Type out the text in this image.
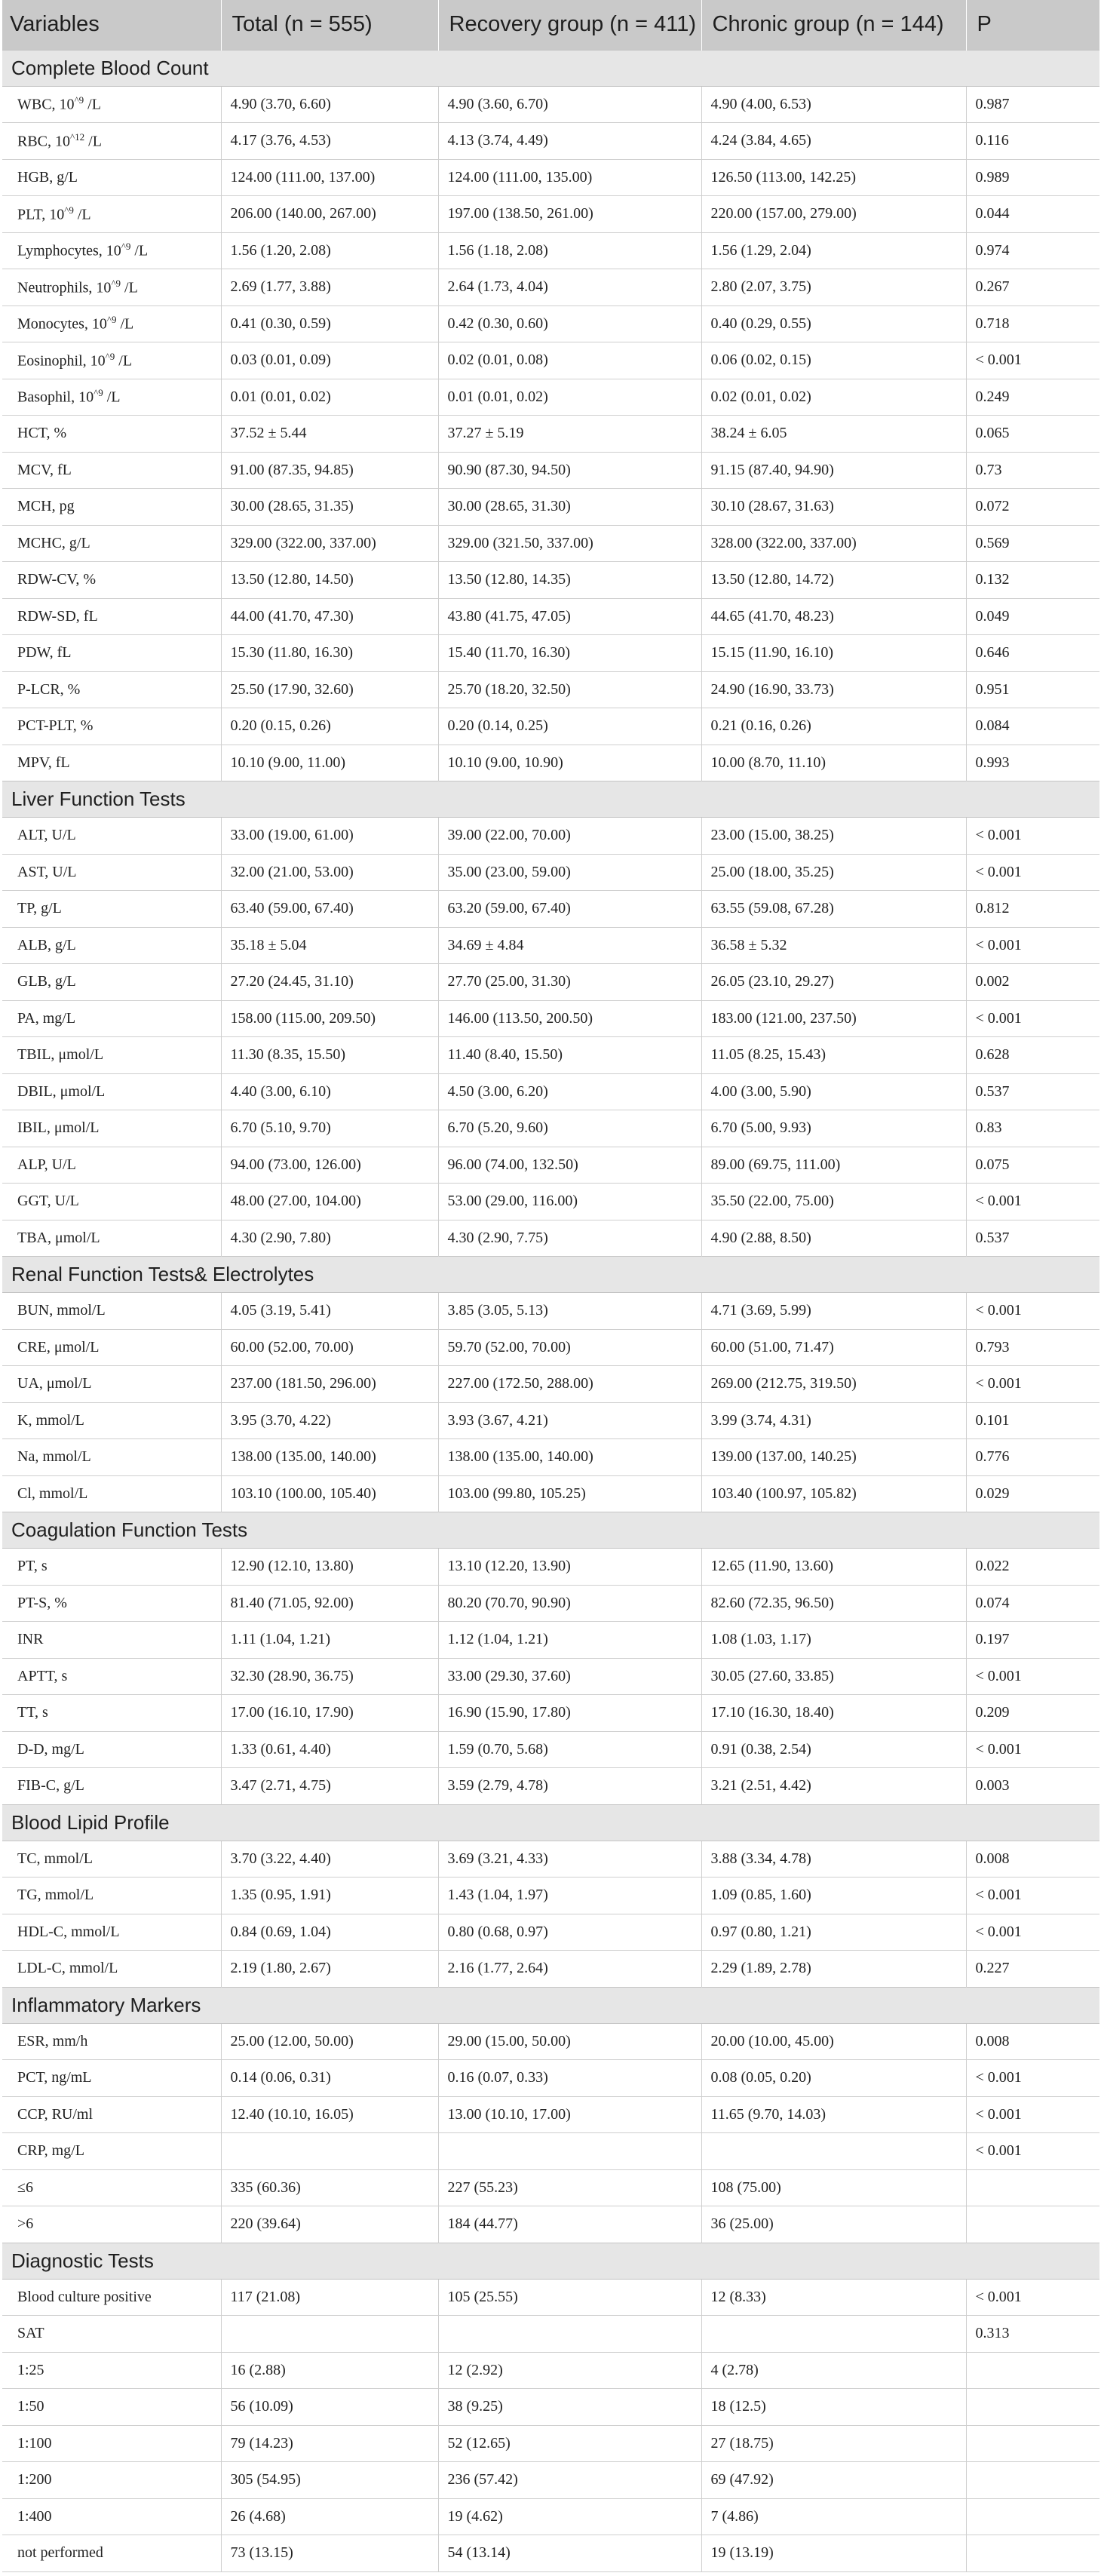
Variables	Total (n = 555)	Recovery group (n = 411)	Chronic group (n = 144)	P
Complete Blood Count				
WBC, $10^{\^{}9}$ /L	4.90 (3.70, 6.60)	4.90 (3.60, 6.70)	4.90 (4.00, 6.53)	0.987
RBC, $10^{\^{}12}$ /L	4.17 (3.76, 4.53)	4.13 (3.74, 4.49)	4.24 (3.84, 4.65)	0.116
HGB, g/L	124.00 (111.00, 137.00)	124.00 (111.00, 135.00)	126.50 (113.00, 142.25)	0.989
PLT, $10^{\^{}9}$ /L	206.00 (140.00, 267.00)	197.00 (138.50, 261.00)	220.00 (157.00, 279.00)	0.044
Lymphocytes, $10^{\^{}9}$ /L	1.56 (1.20, 2.08)	1.56 (1.18, 2.08)	1.56 (1.29, 2.04)	0.974
Neutrophils, $10^{\^{}9}$ /L	2.69 (1.77, 3.88)	2.64 (1.73, 4.04)	2.80 (2.07, 3.75)	0.267
Monocytes, $10^{\^{}9}$ /L	0.41 (0.30, 0.59)	0.42 (0.30, 0.60)	0.40 (0.29, 0.55)	0.718
Eosinophil, $10^{\^{}9}$ /L	0.03 (0.01, 0.09)	0.02 (0.01, 0.08)	0.06 (0.02, 0.15)	< 0.001
Basophil, $10^{\^{}9}$ /L	0.01 (0.01, 0.02)	0.01 (0.01, 0.02)	0.02 (0.01, 0.02)	0.249
HCT, %	37.52 ± 5.44	37.27 ± 5.19	38.24 ± 6.05	0.065
MCV, fL	91.00 (87.35, 94.85)	90.90 (87.30, 94.50)	91.15 (87.40, 94.90)	0.73
MCH, pg	30.00 (28.65, 31.35)	30.00 (28.65, 31.30)	30.10 (28.67, 31.63)	0.072
MCHC, g/L	329.00 (322.00, 337.00)	329.00 (321.50, 337.00)	328.00 (322.00, 337.00)	0.569
RDW-CV, %	13.50 (12.80, 14.50)	13.50 (12.80, 14.35)	13.50 (12.80, 14.72)	0.132
RDW-SD, fL	44.00 (41.70, 47.30)	43.80 (41.75, 47.05)	44.65 (41.70, 48.23)	0.049
PDW, fL	15.30 (11.80, 16.30)	15.40 (11.70, 16.30)	15.15 (11.90, 16.10)	0.646
P-LCR, %	25.50 (17.90, 32.60)	25.70 (18.20, 32.50)	24.90 (16.90, 33.73)	0.951
PCT-PLT, %	0.20 (0.15, 0.26)	0.20 (0.14, 0.25)	0.21 (0.16, 0.26)	0.084
MPV, fL	10.10 (9.00, 11.00)	10.10 (9.00, 10.90)	10.00 (8.70, 11.10)	0.993
Liver Function Tests				
ALT, U/L	33.00 (19.00, 61.00)	39.00 (22.00, 70.00)	23.00 (15.00, 38.25)	< 0.001
AST, U/L	32.00 (21.00, 53.00)	35.00 (23.00, 59.00)	25.00 (18.00, 35.25)	< 0.001
TP, g/L	63.40 (59.00, 67.40)	63.20 (59.00, 67.40)	63.55 (59.08, 67.28)	0.812
ALB, g/L	35.18 ± 5.04	34.69 ± 4.84	36.58 ± 5.32	< 0.001
GLB, g/L	27.20 (24.45, 31.10)	27.70 (25.00, 31.30)	26.05 (23.10, 29.27)	0.002
PA, mg/L	158.00 (115.00, 209.50)	146.00 (113.50, 200.50)	183.00 (121.00, 237.50)	< 0.001
TBIL, μmol/L	11.30 (8.35, 15.50)	11.40 (8.40, 15.50)	11.05 (8.25, 15.43)	0.628
DBIL, μmol/L	4.40 (3.00, 6.10)	4.50 (3.00, 6.20)	4.00 (3.00, 5.90)	0.537
IBIL, μmol/L	6.70 (5.10, 9.70)	6.70 (5.20, 9.60)	6.70 (5.00, 9.93)	0.83
ALP, U/L	94.00 (73.00, 126.00)	96.00 (74.00, 132.50)	89.00 (69.75, 111.00)	0.075
GGT, U/L	48.00 (27.00, 104.00)	53.00 (29.00, 116.00)	35.50 (22.00, 75.00)	< 0.001
TBA, μmol/L	4.30 (2.90, 7.80)	4.30 (2.90, 7.75)	4.90 (2.88, 8.50)	0.537
Renal Function Tests& Electrolytes				
BUN, mmol/L	4.05 (3.19, 5.41)	3.85 (3.05, 5.13)	4.71 (3.69, 5.99)	< 0.001
CRE, μmol/L	60.00 (52.00, 70.00)	59.70 (52.00, 70.00)	60.00 (51.00, 71.47)	0.793
UA, μmol/L	237.00 (181.50, 296.00)	227.00 (172.50, 288.00)	269.00 (212.75, 319.50)	< 0.001
K, mmol/L	3.95 (3.70, 4.22)	3.93 (3.67, 4.21)	3.99 (3.74, 4.31)	0.101
Na, mmol/L	138.00 (135.00, 140.00)	138.00 (135.00, 140.00)	139.00 (137.00, 140.25)	0.776
Cl, mmol/L	103.10 (100.00, 105.40)	103.00 (99.80, 105.25)	103.40 (100.97, 105.82)	0.029
Coagulation Function Tests				
PT, s	12.90 (12.10, 13.80)	13.10 (12.20, 13.90)	12.65 (11.90, 13.60)	0.022
PT-S, %	81.40 (71.05, 92.00)	80.20 (70.70, 90.90)	82.60 (72.35, 96.50)	0.074
INR	1.11 (1.04, 1.21)	1.12 (1.04, 1.21)	1.08 (1.03, 1.17)	0.197
APTT, s	32.30 (28.90, 36.75)	33.00 (29.30, 37.60)	30.05 (27.60, 33.85)	< 0.001
TT, s	17.00 (16.10, 17.90)	16.90 (15.90, 17.80)	17.10 (16.30, 18.40)	0.209
D-D, mg/L	1.33 (0.61, 4.40)	1.59 (0.70, 5.68)	0.91 (0.38, 2.54)	< 0.001
FIB-C, g/L	3.47 (2.71, 4.75)	3.59 (2.79, 4.78)	3.21 (2.51, 4.42)	0.003
Blood Lipid Profile				
TC, mmol/L	3.70 (3.22, 4.40)	3.69 (3.21, 4.33)	3.88 (3.34, 4.78)	0.008
TG, mmol/L	1.35 (0.95, 1.91)	1.43 (1.04, 1.97)	1.09 (0.85, 1.60)	< 0.001
HDL-C, mmol/L	0.84 (0.69, 1.04)	0.80 (0.68, 0.97)	0.97 (0.80, 1.21)	< 0.001
LDL-C, mmol/L	2.19 (1.80, 2.67)	2.16 (1.77, 2.64)	2.29 (1.89, 2.78)	0.227
Inflammatory Markers				
ESR, mm/h	25.00 (12.00, 50.00)	29.00 (15.00, 50.00)	20.00 (10.00, 45.00)	0.008
PCT, ng/mL	0.14 (0.06, 0.31)	0.16 (0.07, 0.33)	0.08 (0.05, 0.20)	< 0.001
CCP, RU/ml	12.40 (10.10, 16.05)	13.00 (10.10, 17.00)	11.65 (9.70, 14.03)	< 0.001
CRP, mg/L				< 0.001
≤6	335 (60.36)	227 (55.23)	108 (75.00)	
>6	220 (39.64)	184 (44.77)	36 (25.00)	
Diagnostic Tests				
Blood culture positive	117 (21.08)	105 (25.55)	12 (8.33)	< 0.001
SAT				0.313
1:25	16 (2.88)	12 (2.92)	4 (2.78)	
1:50	56 (10.09)	38 (9.25)	18 (12.5)	
1:100	79 (14.23)	52 (12.65)	27 (18.75)	
1:200	305 (54.95)	236 (57.42)	69 (47.92)	
1:400	26 (4.68)	19 (4.62)	7 (4.86)	
not performed	73 (13.15)	54 (13.14)	19 (13.19)	
